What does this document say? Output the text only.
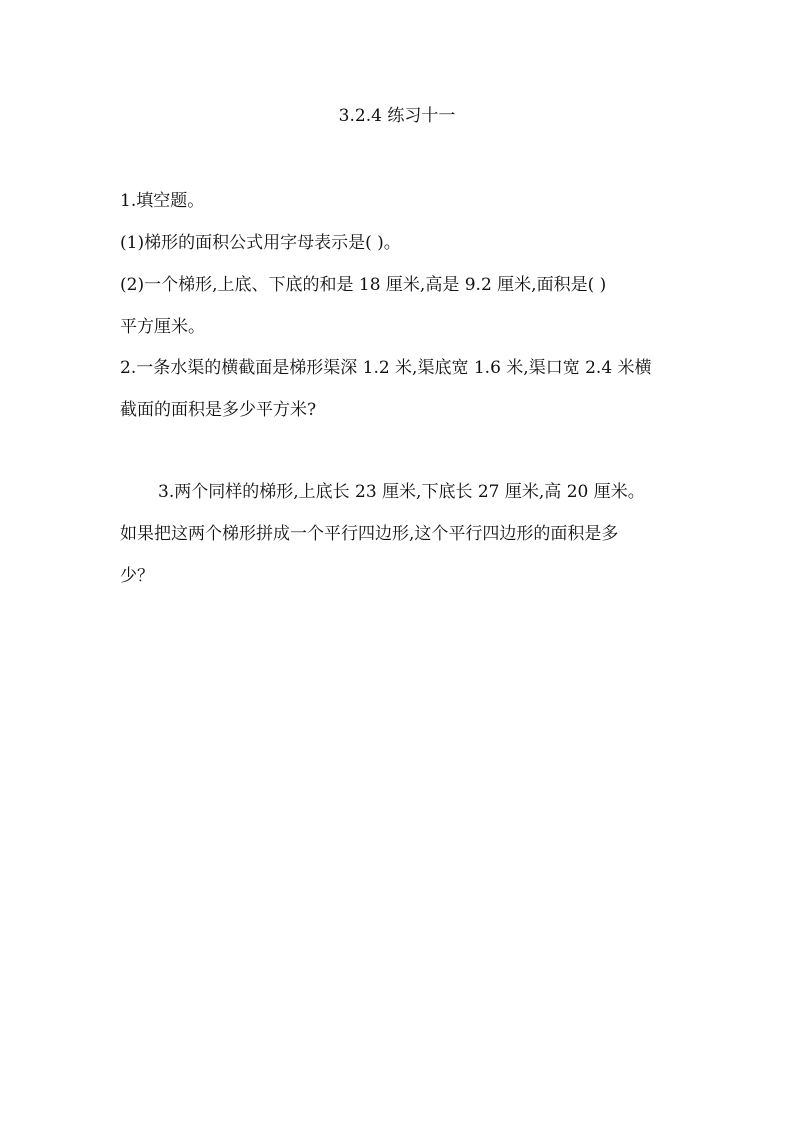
3.2.4 练习十一
1.填空题。
(1)梯形的面积公式用字母表示是( )。
(2)一个梯形,上底、下底的和是 18 厘米,高是 9.2 厘米,面积是( )
平方厘米。
2.一条水渠的横截面是梯形渠深 1.2 米,渠底宽 1.6 米,渠口宽 2.4 米横
截面的面积是多少平方米?
3.两个同样的梯形,上底长 23 厘米,下底长 27 厘米,高 20 厘米。
如果把这两个梯形拼成一个平行四边形,这个平行四边形的面积是多
少？
